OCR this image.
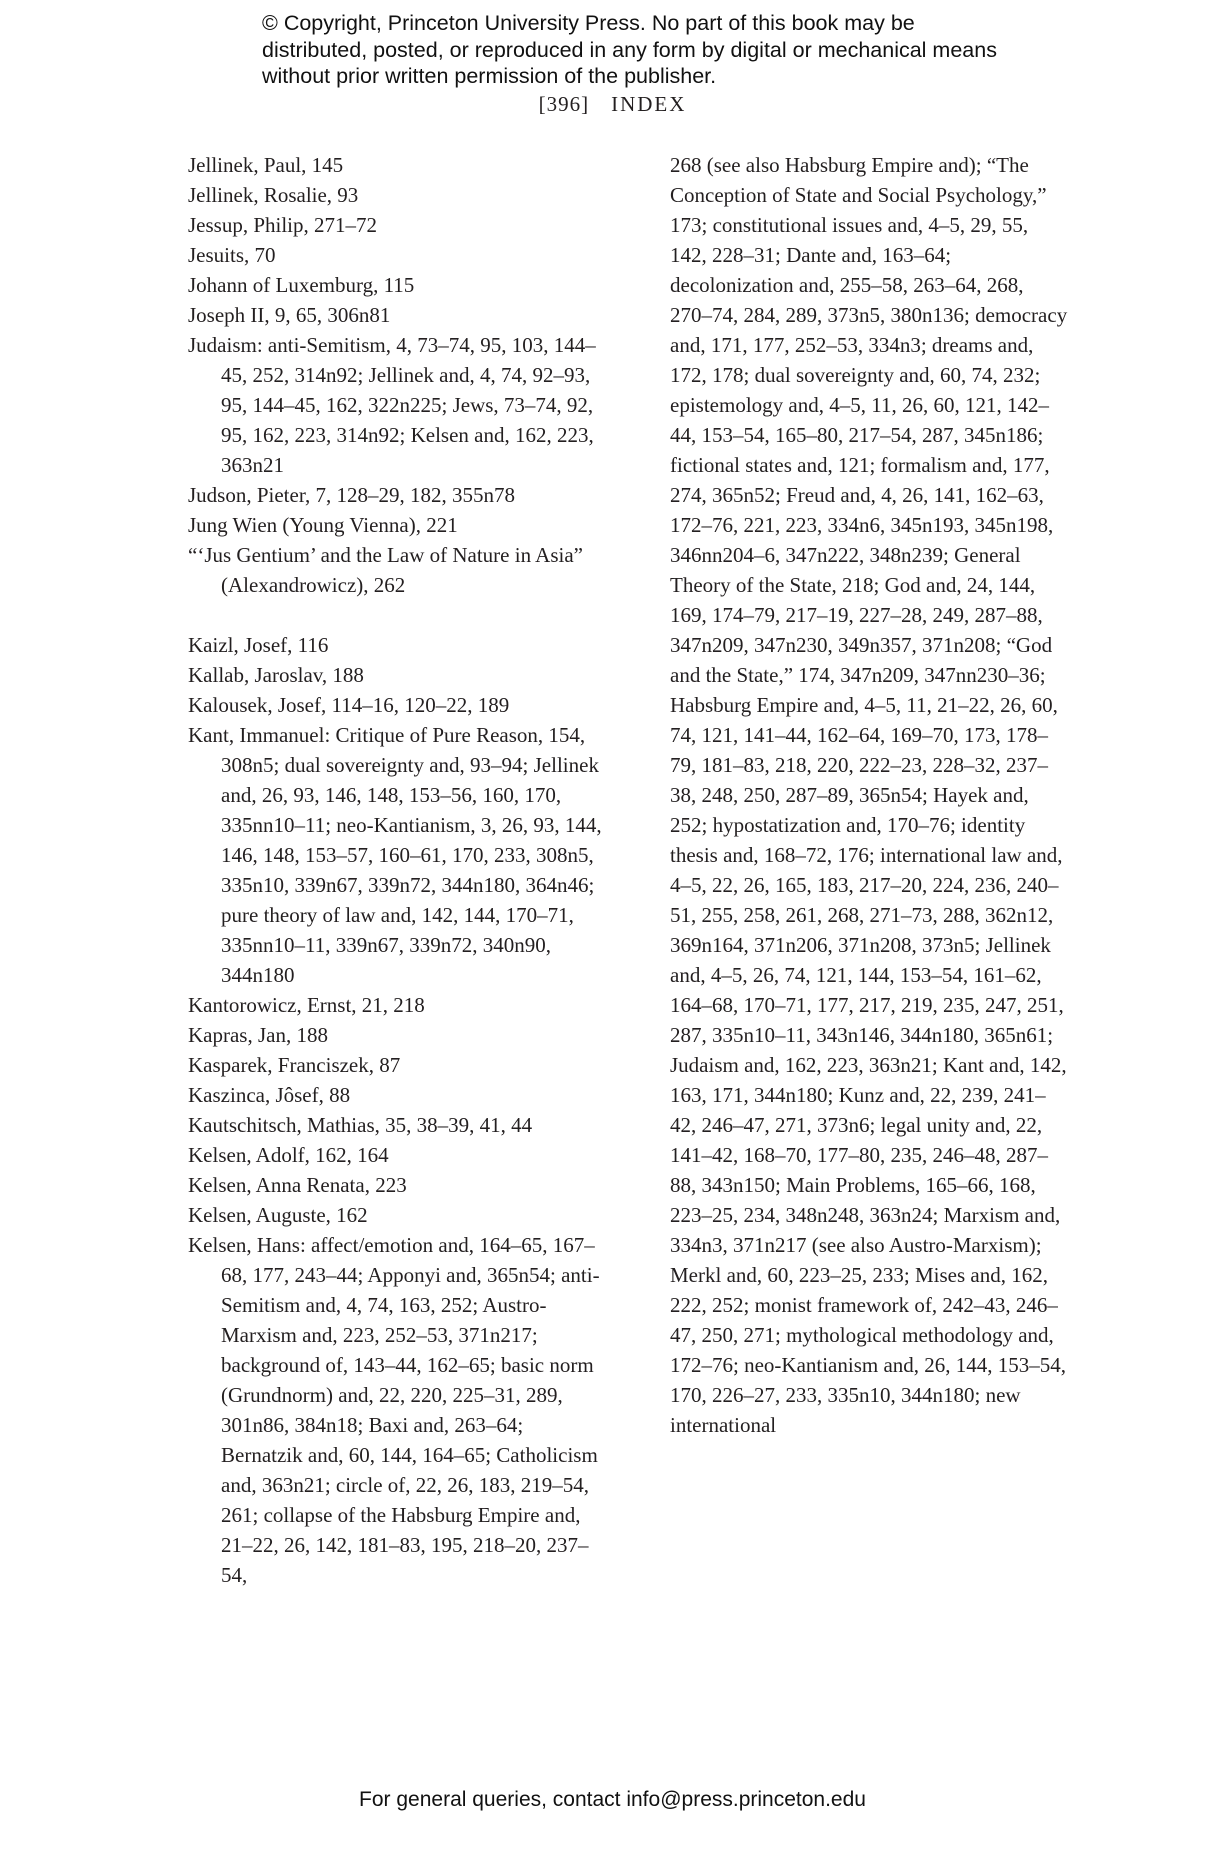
© Copyright, Princeton University Press. No part of this book may be distributed, posted, or reproduced in any form by digital or mechanical means without prior written permission of the publisher.
[396] INDEX

Jellinek, Paul, 145

Jellinek, Rosalie, 93

Jessup, Philip, 271–72

Jesuits, 70

Johann of Luxemburg, 115

Joseph II, 9, 65, 306n81

Judaism: anti-Semitism, 4, 73–74, 95, 103, 144–45, 252, 314n92; Jellinek and, 4, 74, 92–93, 95, 144–45, 162, 322n225; Jews, 73–74, 92, 95, 162, 223, 314n92; Kelsen and, 162, 223, 363n21

Judson, Pieter, 7, 128–29, 182, 355n78

Jung Wien (Young Vienna), 221

“‘Jus Gentium’ and the Law of Nature in Asia” (Alexandrowicz), 262

Kaizl, Josef, 116

Kallab, Jaroslav, 188

Kalousek, Josef, 114–16, 120–22, 189

Kant, Immanuel: Critique of Pure Reason, 154, 308n5; dual sovereignty and, 93–94; Jellinek and, 26, 93, 146, 148, 153–56, 160, 170, 335nn10–11; neo-Kantianism, 3, 26, 93, 144, 146, 148, 153–57, 160–61, 170, 233, 308n5, 335n10, 339n67, 339n72, 344n180, 364n46; pure theory of law and, 142, 144, 170–71, 335nn10–11, 339n67, 339n72, 340n90, 344n180

Kantorowicz, Ernst, 21, 218

Kapras, Jan, 188

Kasparek, Franciszek, 87

Kaszinca, Jôsef, 88

Kautschitsch, Mathias, 35, 38–39, 41, 44

Kelsen, Adolf, 162, 164

Kelsen, Anna Renata, 223

Kelsen, Auguste, 162

Kelsen, Hans: affect/emotion and, 164–65, 167–68, 177, 243–44; Apponyi and, 365n54; anti-Semitism and, 4, 74, 163, 252; Austro-Marxism and, 223, 252–53, 371n217; background of, 143–44, 162–65; basic norm (Grundnorm) and, 22, 220, 225–31, 289, 301n86, 384n18; Baxi and, 263–64; Bernatzik and, 60, 144, 164–65; Catholicism and, 363n21; circle of, 22, 26, 183, 219–54, 261; collapse of the Habsburg Empire and, 21–22, 26, 142, 181–83, 195, 218–20, 237–54,

268 (see also Habsburg Empire and); “The Conception of State and Social Psychology,” 173; constitutional issues and, 4–5, 29, 55, 142, 228–31; Dante and, 163–64; decolonization and, 255–58, 263–64, 268, 270–74, 284, 289, 373n5, 380n136; democracy and, 171, 177, 252–53, 334n3; dreams and, 172, 178; dual sovereignty and, 60, 74, 232; epistemology and, 4–5, 11, 26, 60, 121, 142–44, 153–54, 165–80, 217–54, 287, 345n186; fictional states and, 121; formalism and, 177, 274, 365n52; Freud and, 4, 26, 141, 162–63, 172–76, 221, 223, 334n6, 345n193, 345n198, 346nn204–6, 347n222, 348n239; General Theory of the State, 218; God and, 24, 144, 169, 174–79, 217–19, 227–28, 249, 287–88, 347n209, 347n230, 349n357, 371n208; “God and the State,” 174, 347n209, 347nn230–36; Habsburg Empire and, 4–5, 11, 21–22, 26, 60, 74, 121, 141–44, 162–64, 169–70, 173, 178–79, 181–83, 218, 220, 222–23, 228–32, 237–38, 248, 250, 287–89, 365n54; Hayek and, 252; hypostatization and, 170–76; identity thesis and, 168–72, 176; international law and, 4–5, 22, 26, 165, 183, 217–20, 224, 236, 240–51, 255, 258, 261, 268, 271–73, 288, 362n12, 369n164, 371n206, 371n208, 373n5; Jellinek and, 4–5, 26, 74, 121, 144, 153–54, 161–62, 164–68, 170–71, 177, 217, 219, 235, 247, 251, 287, 335n10–11, 343n146, 344n180, 365n61; Judaism and, 162, 223, 363n21; Kant and, 142, 163, 171, 344n180; Kunz and, 22, 239, 241–42, 246–47, 271, 373n6; legal unity and, 22, 141–42, 168–70, 177–80, 235, 246–48, 287–88, 343n150; Main Problems, 165–66, 168, 223–25, 234, 348n248, 363n24; Marxism and, 334n3, 371n217 (see also Austro-Marxism); Merkl and, 60, 223–25, 233; Mises and, 162, 222, 252; monist framework of, 242–43, 246–47, 250, 271; mythological methodology and, 172–76; neo-Kantianism and, 26, 144, 153–54, 170, 226–27, 233, 335n10, 344n180; new international

For general queries, contact info@press.princeton.edu
